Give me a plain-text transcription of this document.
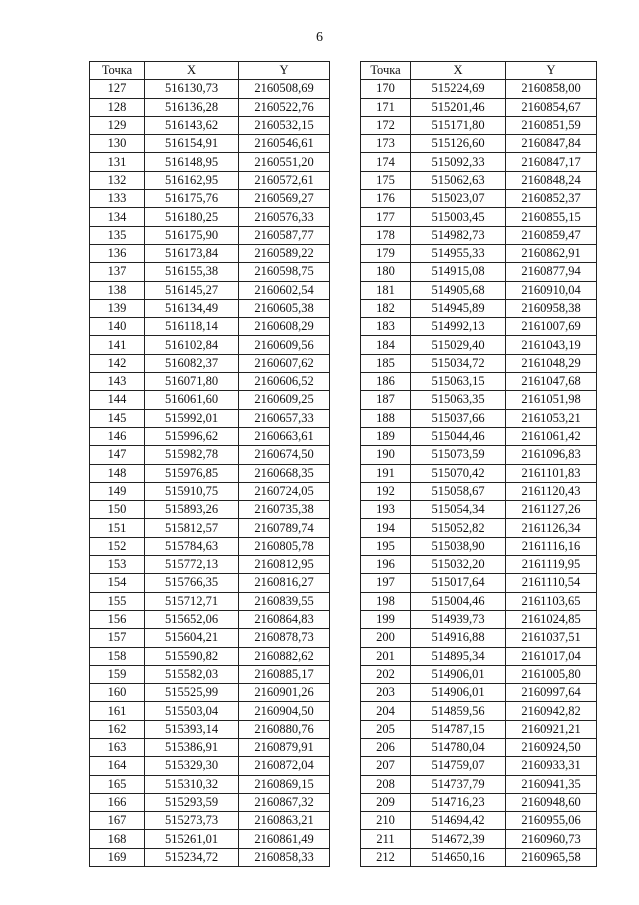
6
Точка	X	Y
127	516130,73	2160508,69
128	516136,28	2160522,76
129	516143,62	2160532,15
130	516154,91	2160546,61
131	516148,95	2160551,20
132	516162,95	2160572,61
133	516175,76	2160569,27
134	516180,25	2160576,33
135	516175,90	2160587,77
136	516173,84	2160589,22
137	516155,38	2160598,75
138	516145,27	2160602,54
139	516134,49	2160605,38
140	516118,14	2160608,29
141	516102,84	2160609,56
142	516082,37	2160607,62
143	516071,80	2160606,52
144	516061,60	2160609,25
145	515992,01	2160657,33
146	515996,62	2160663,61
147	515982,78	2160674,50
148	515976,85	2160668,35
149	515910,75	2160724,05
150	515893,26	2160735,38
151	515812,57	2160789,74
152	515784,63	2160805,78
153	515772,13	2160812,95
154	515766,35	2160816,27
155	515712,71	2160839,55
156	515652,06	2160864,83
157	515604,21	2160878,73
158	515590,82	2160882,62
159	515582,03	2160885,17
160	515525,99	2160901,26
161	515503,04	2160904,50
162	515393,14	2160880,76
163	515386,91	2160879,91
164	515329,30	2160872,04
165	515310,32	2160869,15
166	515293,59	2160867,32
167	515273,73	2160863,21
168	515261,01	2160861,49
169	515234,72	2160858,33
Точка	X	Y
170	515224,69	2160858,00
171	515201,46	2160854,67
172	515171,80	2160851,59
173	515126,60	2160847,84
174	515092,33	2160847,17
175	515062,63	2160848,24
176	515023,07	2160852,37
177	515003,45	2160855,15
178	514982,73	2160859,47
179	514955,33	2160862,91
180	514915,08	2160877,94
181	514905,68	2160910,04
182	514945,89	2160958,38
183	514992,13	2161007,69
184	515029,40	2161043,19
185	515034,72	2161048,29
186	515063,15	2161047,68
187	515063,35	2161051,98
188	515037,66	2161053,21
189	515044,46	2161061,42
190	515073,59	2161096,83
191	515070,42	2161101,83
192	515058,67	2161120,43
193	515054,34	2161127,26
194	515052,82	2161126,34
195	515038,90	2161116,16
196	515032,20	2161119,95
197	515017,64	2161110,54
198	515004,46	2161103,65
199	514939,73	2161024,85
200	514916,88	2161037,51
201	514895,34	2161017,04
202	514906,01	2161005,80
203	514906,01	2160997,64
204	514859,56	2160942,82
205	514787,15	2160921,21
206	514780,04	2160924,50
207	514759,07	2160933,31
208	514737,79	2160941,35
209	514716,23	2160948,60
210	514694,42	2160955,06
211	514672,39	2160960,73
212	514650,16	2160965,58
